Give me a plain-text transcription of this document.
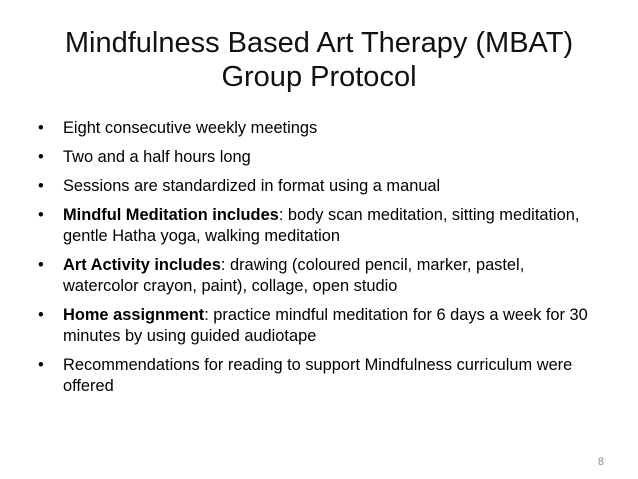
Mindfulness Based Art Therapy (MBAT)
Group Protocol
• Eight consecutive weekly meetings
• Two and a half hours long
• Sessions are standardized in format using a manual
• Mindful Meditation includes: body scan meditation, sitting meditation, gentle Hatha yoga, walking meditation
• Art Activity includes: drawing (coloured pencil, marker, pastel, watercolor crayon, paint), collage, open studio
• Home assignment: practice mindful meditation for 6 days a week for 30 minutes by using guided audiotape
• Recommendations for reading to support Mindfulness curriculum were offered
8
